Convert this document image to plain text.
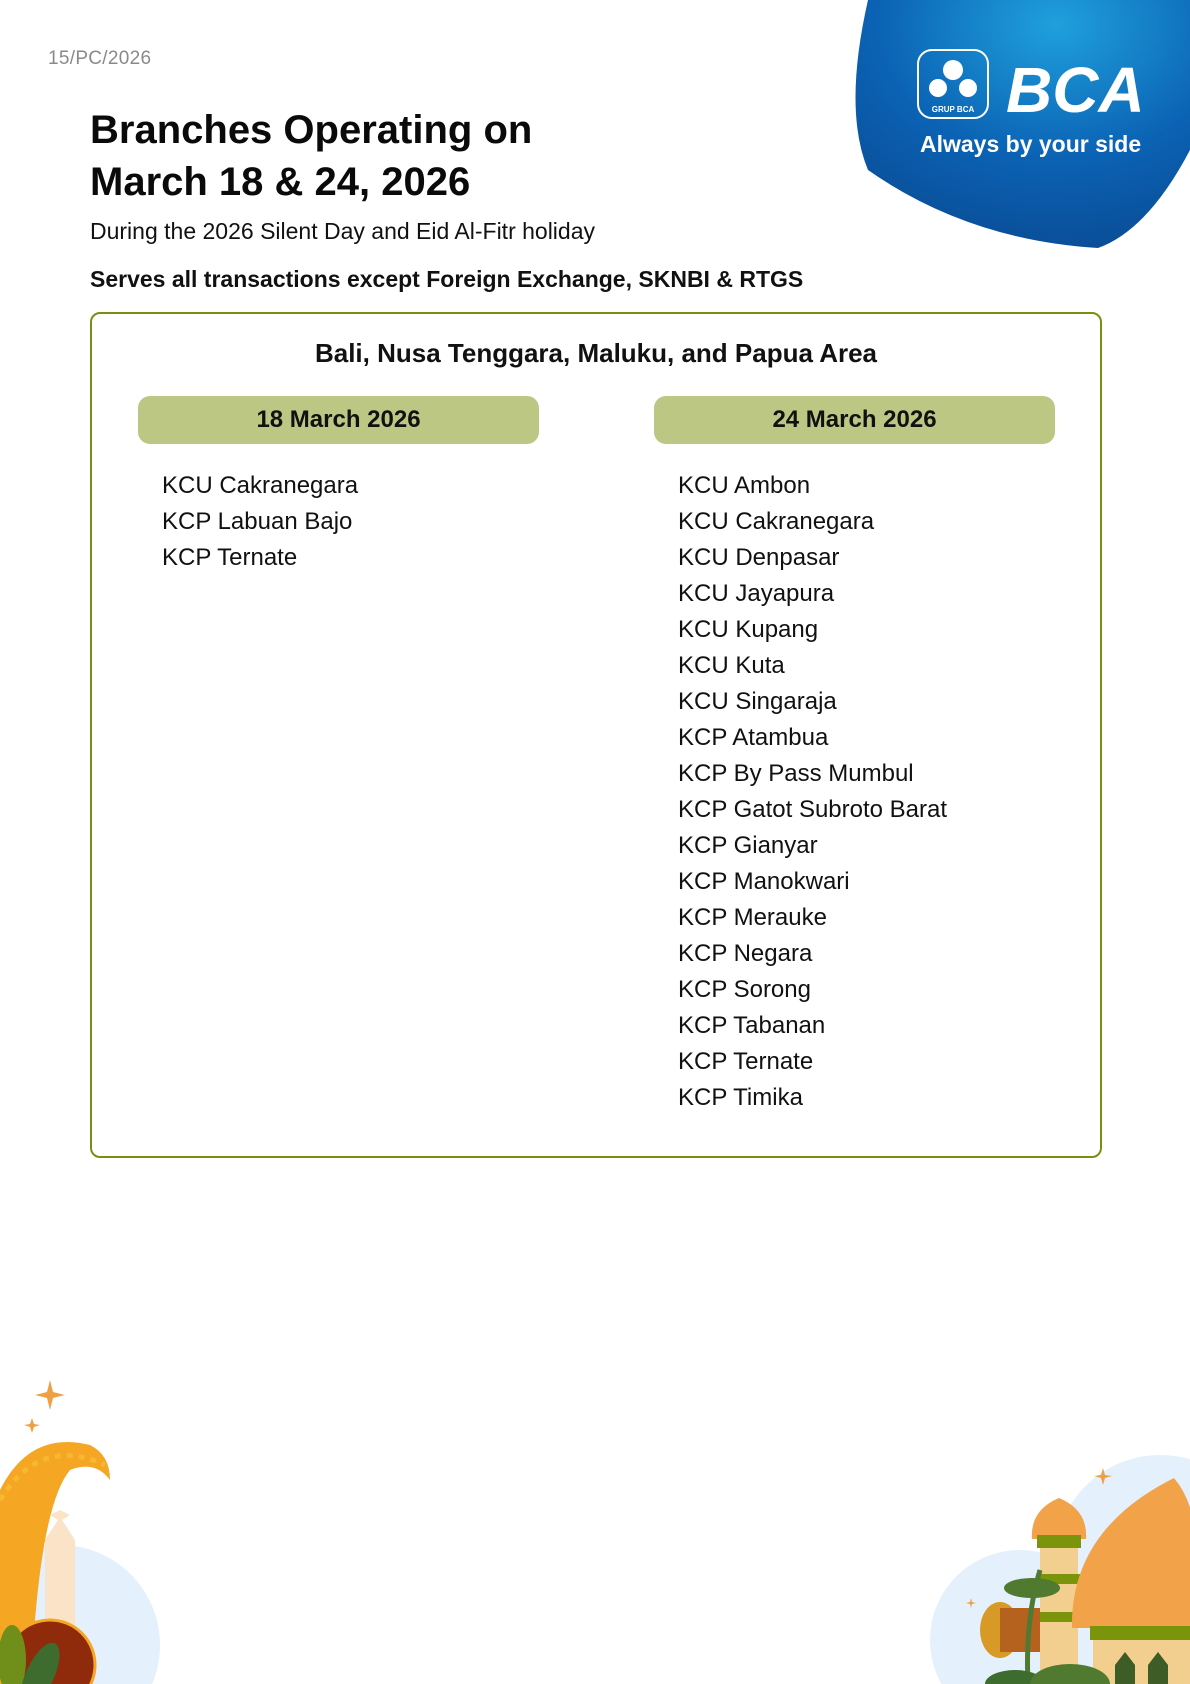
15/PC/2026
GRUP BCA BCA
Always by your side
Branches Operating on
March 18 & 24, 2026
During the 2026 Silent Day and Eid Al-Fitr holiday
Serves all transactions except Foreign Exchange, SKNBI & RTGS
Bali, Nusa Tenggara, Maluku, and Papua Area
18 March 2026	24 March 2026
KCU Cakranegara
KCP Labuan Bajo
KCP Ternate
KCU Ambon
KCU Cakranegara
KCU Denpasar
KCU Jayapura
KCU Kupang
KCU Kuta
KCU Singaraja
KCP Atambua
KCP By Pass Mumbul
KCP Gatot Subroto Barat
KCP Gianyar
KCP Manokwari
KCP Merauke
KCP Negara
KCP Sorong
KCP Tabanan
KCP Ternate
KCP Timika
